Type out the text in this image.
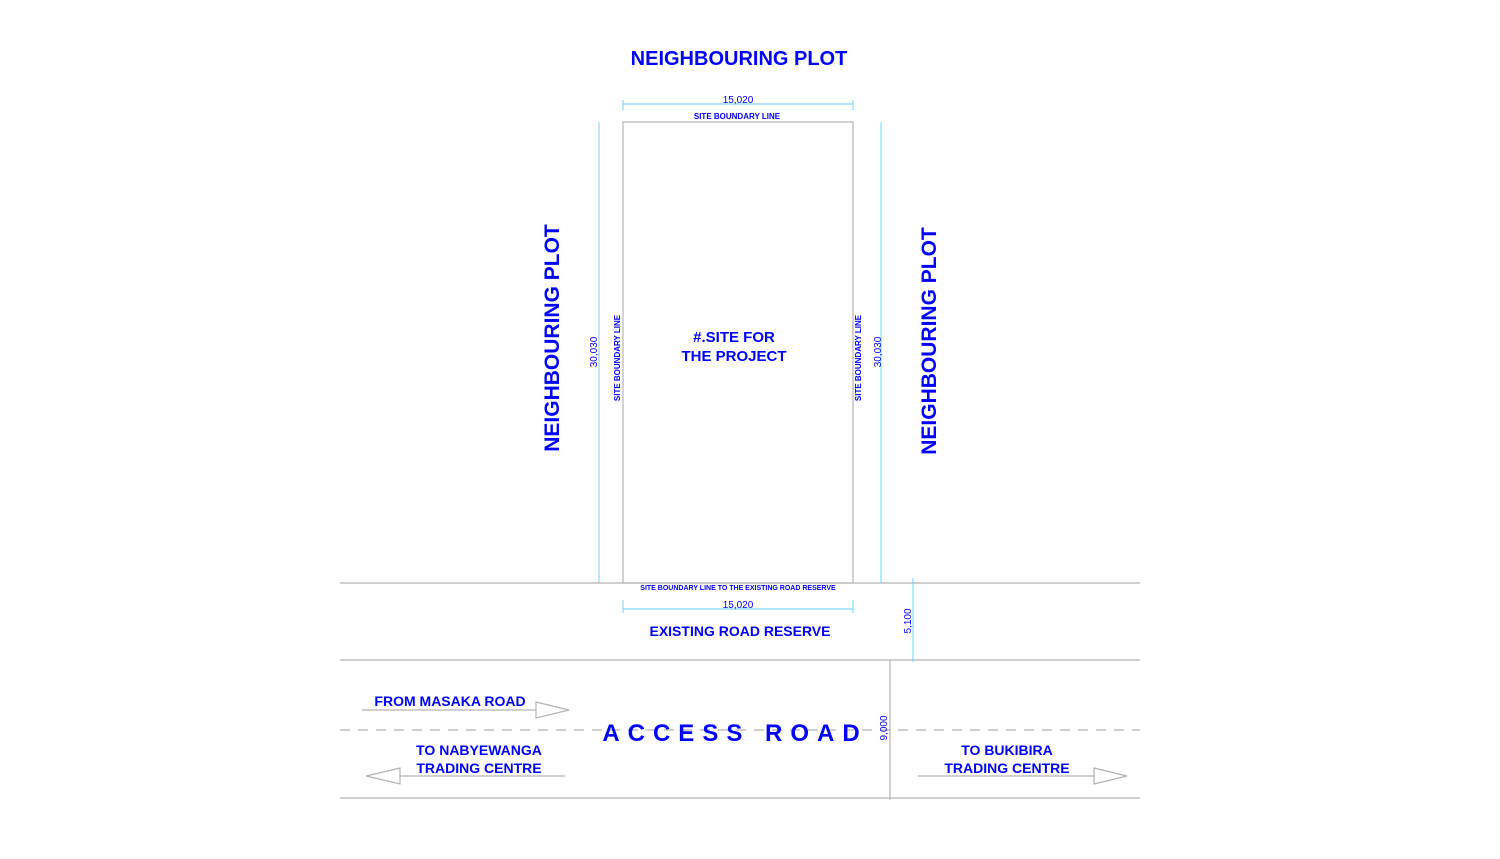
NEIGHBOURING PLOT
NEIGHBOURING PLOT	NEIGHBOURING PLOT
#.SITE FOR
THE PROJECT
SITE BOUNDARY LINE
SITE BOUNDARY LINE	SITE BOUNDARY LINE
SITE BOUNDARY LINE TO THE EXISTING ROAD RESERVE
15,020
15,020
30,030	30,030
5,100
9,000
EXISTING ROAD RESERVE
ACCESS ROAD
FROM MASAKA ROAD
TO NABYEWANGA
TRADING CENTRE
TO BUKIBIRA
TRADING CENTRE
